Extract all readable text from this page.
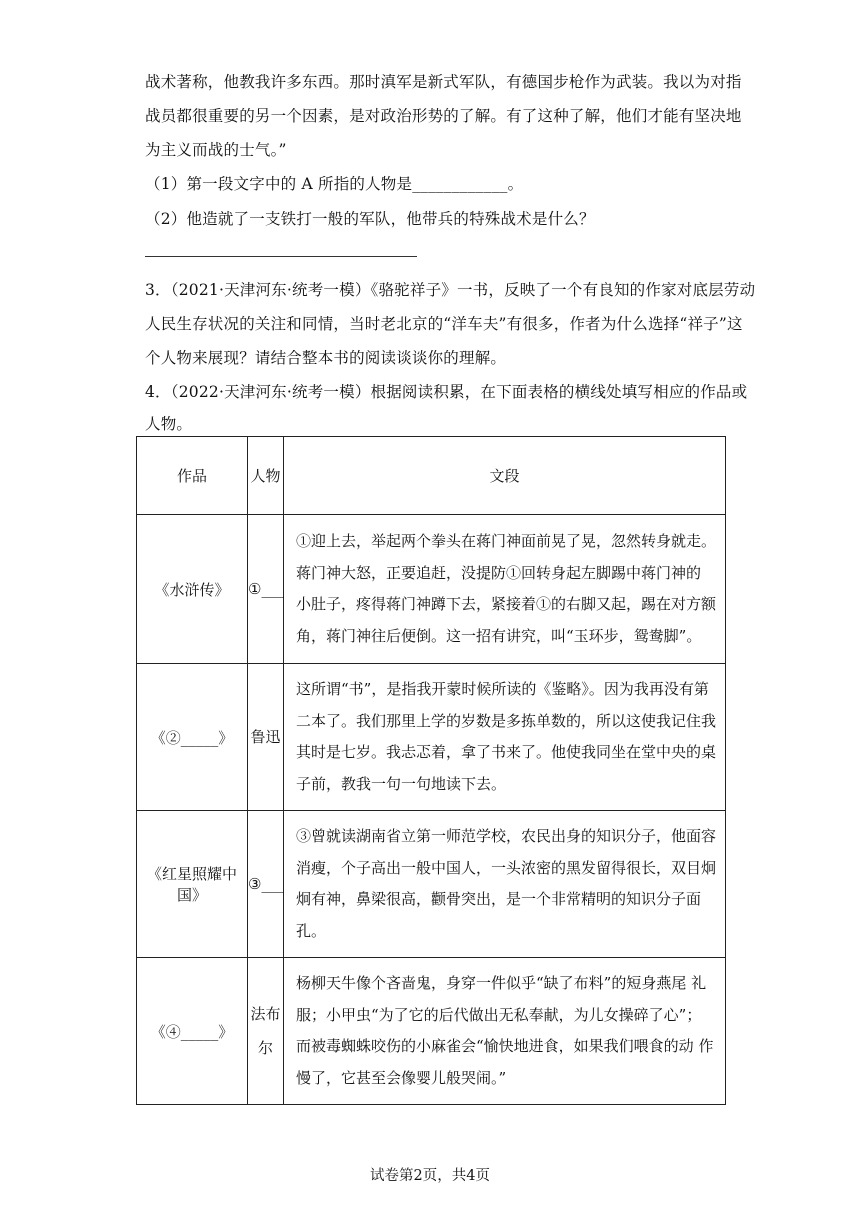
战术著称，他教我许多东西。那时滇军是新式军队，有德国步枪作为武装。我以为对指
战员都很重要的另一个因素，是对政治形势的了解。有了这种了解，他们才能有坚决地
为主义而战的士气。”
（1）第一段文字中的 A 所指的人物是____________。
（2）他造就了一支铁打一般的军队，他带兵的特殊战术是什么？
3．（2021·天津河东·统考一模）《骆驼祥子》一书，反映了一个有良知的作家对底层劳动
人民生存状况的关注和同情，当时老北京的“洋车夫”有很多，作者为什么选择“祥子”这
个人物来展现？请结合整本书的阅读谈谈你的理解。
4．（2022·天津河东·统考一模）根据阅读积累，在下面表格的横线处填写相应的作品或
人物。
作品	人物	文段
《水浒传》	①___	①迎上去，举起两个拳头在蒋门神面前晃了晃，忽然转身就走。蒋门神大怒，正要追赶，没提防①回转身起左脚踢中蒋门神的 小肚子，疼得蒋门神蹲下去，紧接着①的右脚又起，踢在对方额角，蒋门神往后便倒。这一招有讲究，叫“玉环步，鸳鸯脚”。
《②_____》	鲁迅	这所谓“书”，是指我开蒙时候所读的《鉴略》。因为我再没有第二本了。我们那里上学的岁数是多拣单数的，所以这使我记住我其时是七岁。我忐忑着，拿了书来了。他使我同坐在堂中央的桌子前，教我一句一句地读下去。
《红星照耀中国》	③___	③曾就读湖南省立第一师范学校，农民出身的知识分子，他面容消瘦，个子高出一般中国人，一头浓密的黑发留得很长，双目炯炯有神，鼻梁很高，颧骨突出，是一个非常精明的知识分子面孔。
《④_____》	法布尔	杨柳天牛像个吝啬鬼，身穿一件似乎“缺了布料”的短身燕尾 礼服；小甲虫“为了它的后代做出无私奉献，为儿女操碎了心”； 而被毒蜘蛛咬伤的小麻雀会“愉快地进食，如果我们喂食的动 作慢了，它甚至会像婴儿般哭闹。”
试卷第2页，共4页
